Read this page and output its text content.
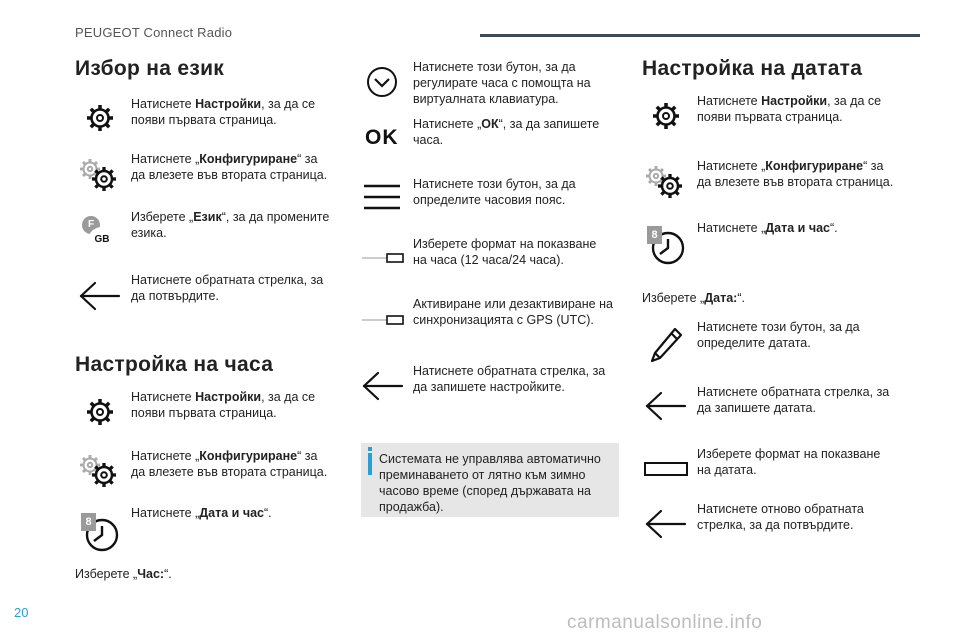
PEUGEOT Connect Radio
Избор на език
Натиснете Настройки, за да се появи първата страница.
Натиснете „Конфигуриране“ за да влезете във втората страница.
F
GB
Изберете „Език“, за да промените езика.
Натиснете обратната стрелка, за да потвърдите.
Настройка на часа
Натиснете Настройки, за да се появи първата страница.
Натиснете „Конфигуриране“ за да влезете във втората страница.
8
Натиснете „Дата и час“.
Изберете „Час:“.
Натиснете този бутон, за да регулирате часа с помощта на виртуалната клавиатура.
OK
Натиснете „ОК“, за да запишете часа.
Натиснете този бутон, за да определите часовия пояс.
Изберете формат на показване на часа (12 часа/24 часа).
Активиране или дезактивиране на синхронизацията с GPS (UTC).
Натиснете обратната стрелка, за да запишете настройките.
Системата не управлява автоматично преминаването от лятно към зимно часово време (според държавата на продажба).
Настройка на датата
Натиснете Настройки, за да се появи първата страница.
Натиснете „Конфигуриране“ за да влезете във втората страница.
8	Натиснете „Дата и час“.
Изберете „Дата:“.
Натиснете този бутон, за да определите датата.
Натиснете обратната стрелка, за да запишете датата.
Изберете формат на показване на датата.
Натиснете отново обратната стрелка, за да потвърдите.
20	carmanualsonline.info
